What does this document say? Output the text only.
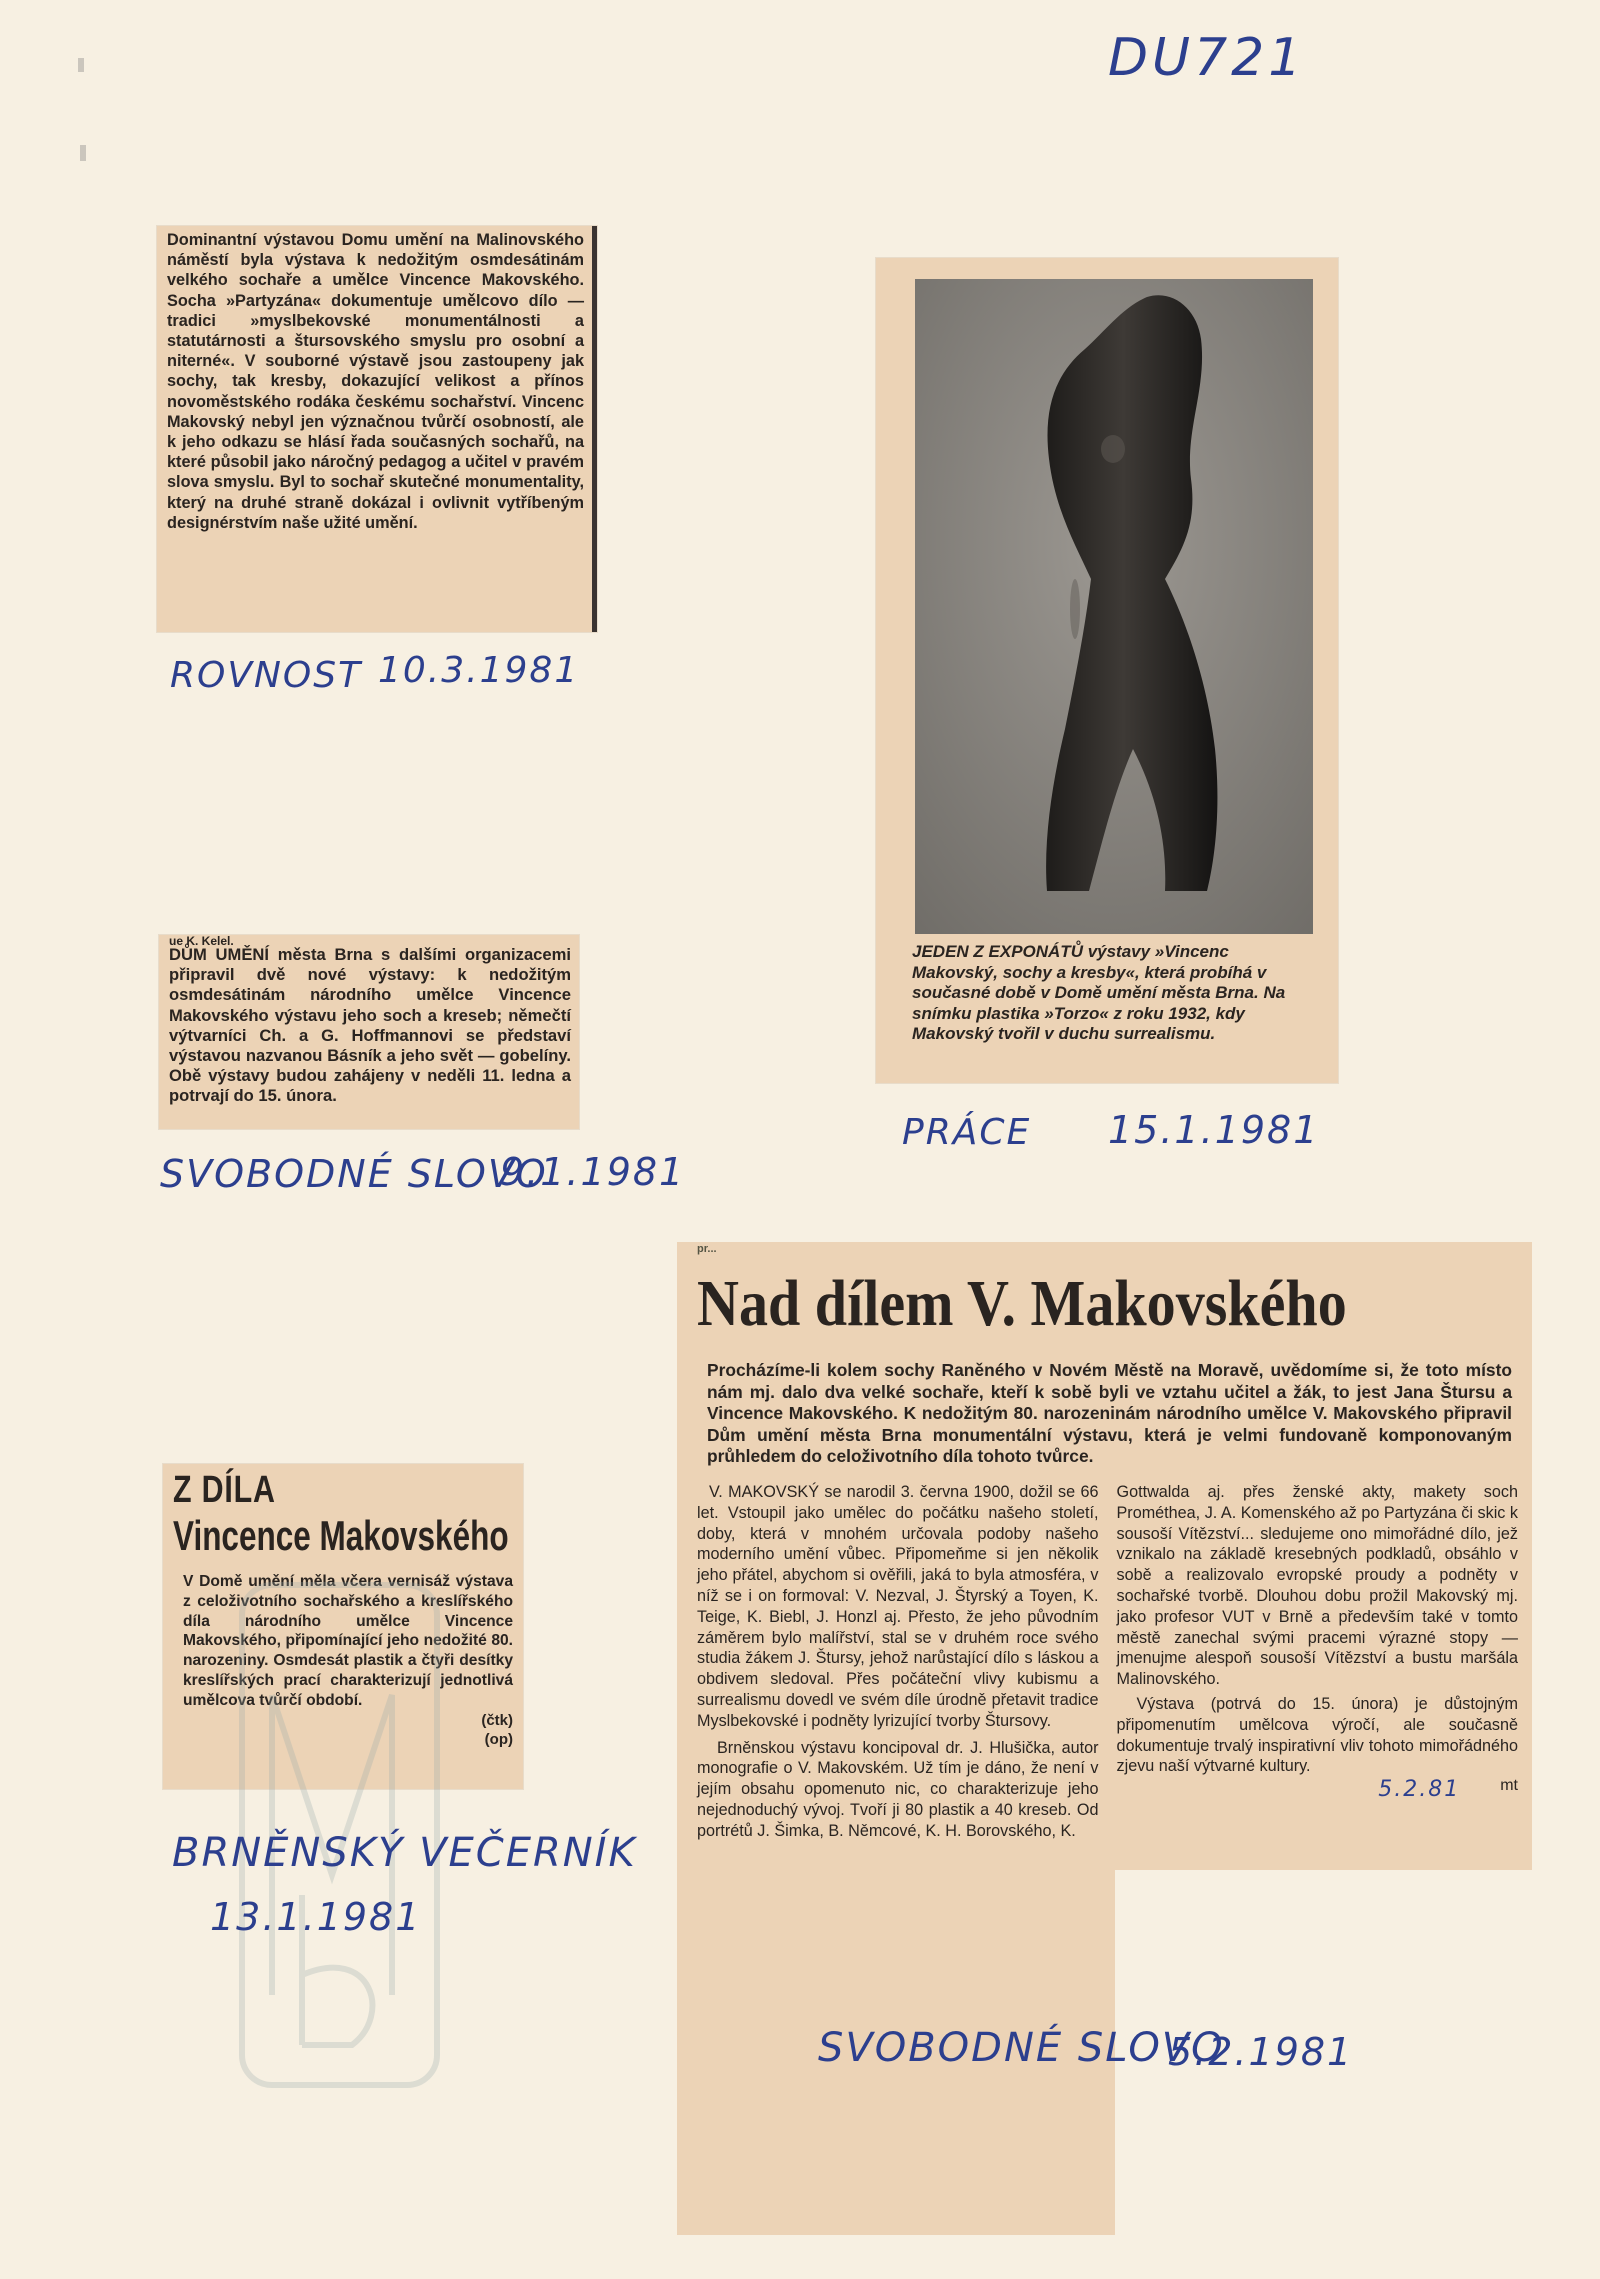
DU721

Dominantní výstavou Domu umění na Malinovského náměstí byla výstava k nedožitým osmdesátinám velkého sochaře a umělce Vincence Makovského. Socha »Partyzána« dokumentuje umělcovo dílo — tradici »myslbekovské monumentálnosti a statutárnosti a štursovského smyslu pro osobní a niterné«. V souborné výstavě jsou zastoupeny jak sochy, tak kresby, dokazující velikost a přínos novoměstského rodáka českému sochařství. Vincenc Makovský nebyl jen význačnou tvůrčí osobností, ale k jeho odkazu se hlásí řada současných sochařů, na které působil jako náročný pedagog a učitel v pravém slova smyslu. Byl to sochař skutečné monumentality, který na druhé straně dokázal i ovlivnit vytříbeným designérstvím naše užité umění.

ROVNOST 10.3.1981

JEDEN Z EXPONÁTŮ výstavy »Vincenc Makovský, sochy a kresby«, která probíhá v současné době v Domě umění města Brna. Na snímku plastika »Torzo« z roku 1932, kdy Makovský tvořil v duchu surrealismu.

PRÁCE 15.1.1981
ue K. Kelel.

DŮM UMĚNÍ města Brna s dalšími organizacemi připravil dvě nové výstavy: k nedožitým osmdesátinám národního umělce Vincence Makovského výstavu jeho soch a kreseb; němečtí výtvarníci Ch. a G. Hoffmannovi se představí výstavou nazvanou Básník a jeho svět — gobelíny. Obě výstavy budou zahájeny v neděli 11. ledna a potrvají do 15. února.

SVOBODNÉ SLOVO
9.1.1981
Z DÍLA
Vincence Makovského

V Domě umění měla včera vernisáž výstava z celoživotního sochařského a kreslířského díla národního umělce Vincence Makovského, připomínající jeho nedožité 80. narozeniny. Osmdesát plastik a čtyři desítky kreslířských prací charakterizují jednotlivá umělcova tvůrčí období.

(čtk)
(op)
BRNĚNSKÝ VEČERNÍK
13.1.1981
pr...
Nad dílem V. Makovského

Procházíme-li kolem sochy Raněného v Novém Městě na Moravě, uvědomíme si, že toto místo nám mj. dalo dva velké sochaře, kteří k sobě byli ve vztahu učitel a žák, to jest Jana Štursu a Vincence Makovského. K nedožitým 80. narozeninám národního umělce V. Makovského připravil Dům umění města Brna monumentální výstavu, která je velmi fundovaně komponovaným průhledem do celoživotního díla tohoto tvůrce.

V. MAKOVSKÝ se narodil 3. června 1900, dožil se 66 let. Vstoupil jako umělec do počátku našeho století, doby, která v mnohém určovala podoby našeho moderního umění vůbec. Připomeňme si jen několik jeho přátel, abychom si ověřili, jaká to byla atmosféra, v níž se i on formoval: V. Nezval, J. Štyrský a Toyen, K. Teige, K. Biebl, J. Honzl aj. Přesto, že jeho původním záměrem bylo malířství, stal se v druhém roce svého studia žákem J. Štursy, jehož narůstající dílo s láskou a obdivem sledoval. Přes počáteční vlivy kubismu a surrealismu dovedl ve svém díle úrodně přetavit tradice Myslbekovské i podněty lyrizující tvorby Štursovy.

Brněnskou výstavu koncipoval dr. J. Hlušička, autor monografie o V. Makovském. Už tím je dáno, že není v jejím obsahu opomenuto nic, co charakterizuje jeho nejednoduchý vývoj. Tvoří ji 80 plastik a 40 kreseb. Od portrétů J. Šimka, B. Němcové, K. H. Borovského, K.

Gottwalda aj. přes ženské akty, makety soch Prométhea, J. A. Komenského až po Partyzána či skic k sousoší Vítězství... sledujeme ono mimořádné dílo, jež vznikalo na základě kresebných podkladů, obsáhlo v sobě a realizovalo evropské proudy a podněty v sochařské tvorbě. Dlouhou dobu prožil Makovský mj. jako profesor VUT v Brně a především také v tomto městě zanechal svými pracemi výrazné stopy — jmenujme alespoň sousoší Vítězství a bustu maršála Malinovského.

Výstava (potrvá do 15. února) je důstojným připomenutím umělcova výročí, ale současně dokumentuje trvalý inspirativní vliv tohoto mimořádného zjevu naší výtvarné kultury.

5.2.81	mt
SVOBODNÉ SLOVO
5.2.1981
